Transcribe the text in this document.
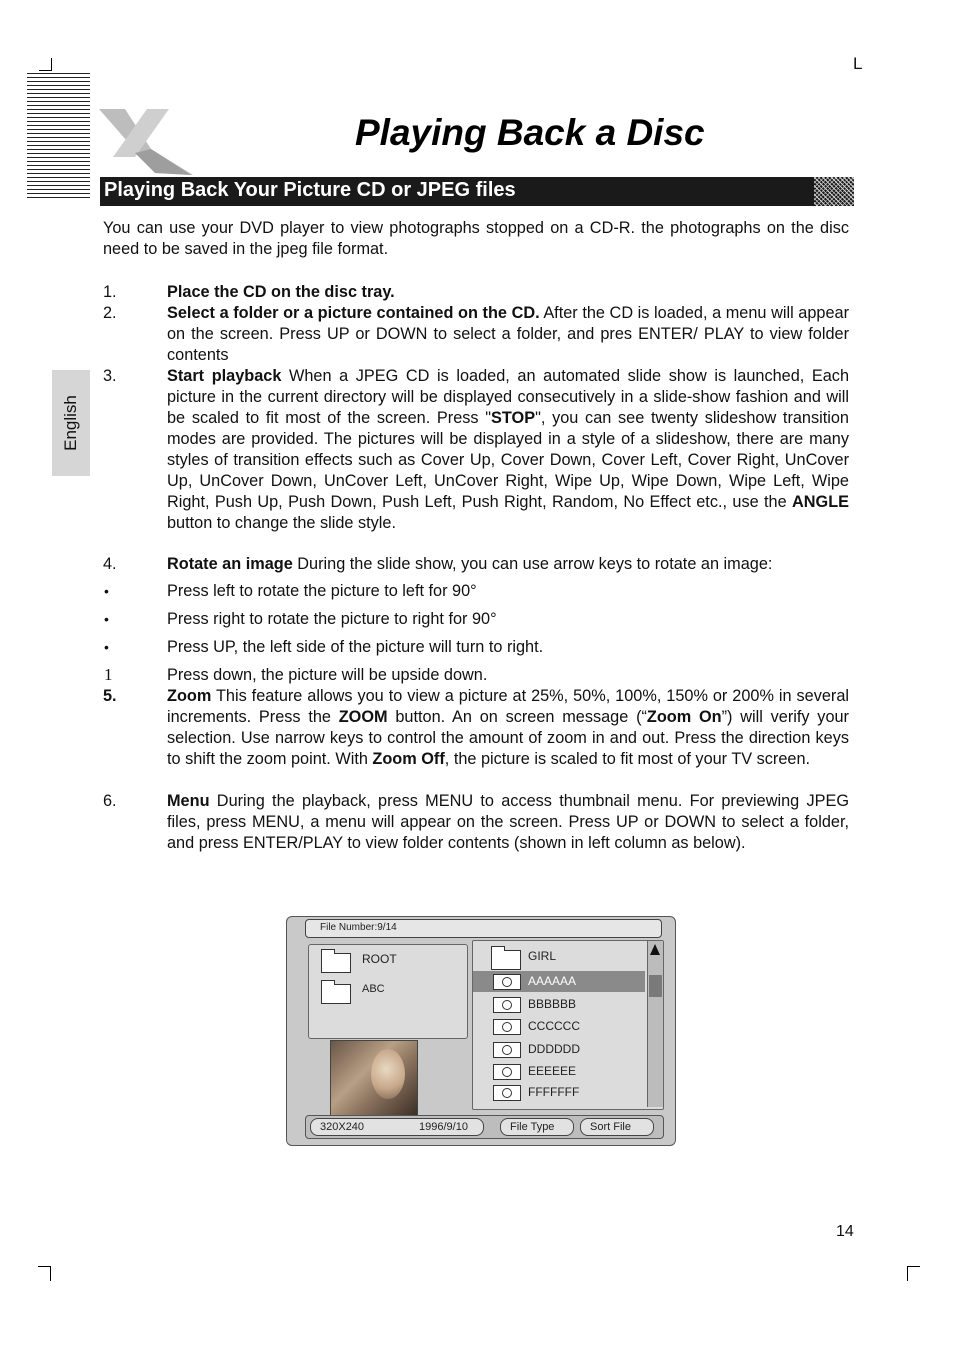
L
Playing Back a Disc
Playing Back Your Picture CD or JPEG files
English

You can use your DVD player to view photographs stopped on a CD-R. the photographs on the disc need to be saved in the jpeg file format.

1.	Place the CD on the disc tray.
2.	Select a folder or a picture contained on the CD. After the CD is loaded, a menu will appear on the screen. Press UP or DOWN to select a folder, and pres ENTER/ PLAY to view folder contents
3.	Start playback When a JPEG CD is loaded, an automated slide show is launched, Each picture in the current directory will be displayed consecutively in a slide-show fashion and will be scaled to fit most of the screen. Press "STOP", you can see twenty slideshow transition modes are provided. The pictures will be displayed in a style of a slideshow, there are many styles of transition effects such as Cover Up, Cover Down, Cover Left, Cover Right, UnCover Up, UnCover Down, UnCover Left, UnCover Right, Wipe Up, Wipe Down, Wipe Left, Wipe Right, Push Up, Push Down, Push Left, Push Right, Random, No Effect etc., use the ANGLE button to change the slide style.
4.	Rotate an image During the slide show, you can use arrow keys to rotate an image:
•	Press left to rotate the picture to left for 90°
•	Press right to rotate the picture to right for 90°
•	Press UP, the left side of the picture will turn to right.
1	Press down, the picture will be upside down.
5.	Zoom This feature allows you to view a picture at 25%, 50%, 100%, 150% or 200% in several increments. Press the ZOOM button. An on screen message (“Zoom On”) will verify your selection. Use narrow keys to control the amount of zoom in and out. Press the direction keys to shift the zoom point. With Zoom Off, the picture is scaled to fit most of your TV screen.
6.	Menu During the playback, press MENU to access thumbnail menu. For previewing JPEG files, press MENU, a menu will appear on the screen. Press UP or DOWN to select a folder, and press ENTER/PLAY to view folder contents (shown in left column as below).
File Number:9/14
ROOT
ABC
GIRL
AAAAAA
BBBBBB
CCCCCC
DDDDDD
EEEEEE
FFFFFFF
320X240	1996/9/10	File Type	Sort File
14
